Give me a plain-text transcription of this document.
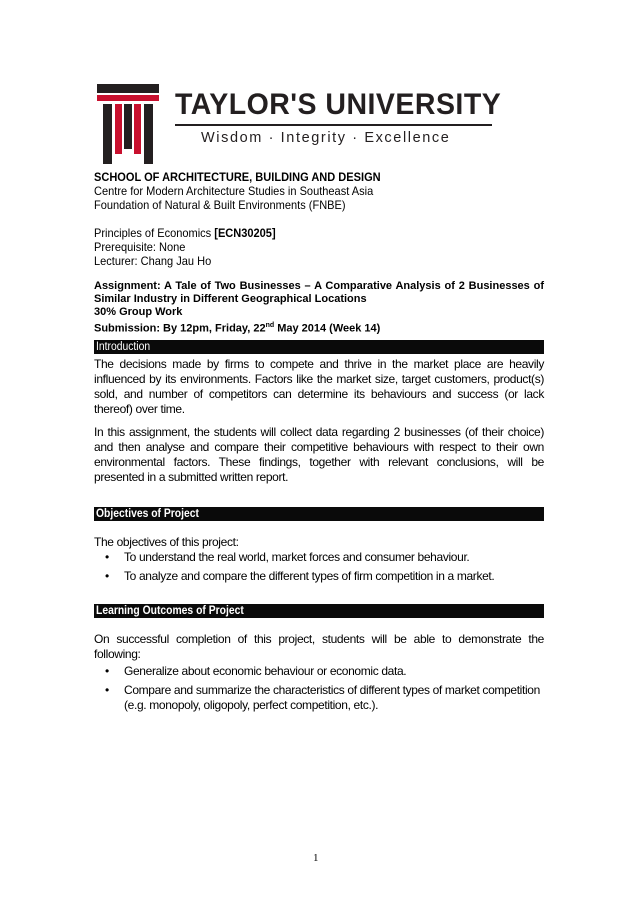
TAYLOR'S UNIVERSITY
Wisdom · Integrity · Excellence
SCHOOL OF ARCHITECTURE, BUILDING AND DESIGN
Centre for Modern Architecture Studies in Southeast Asia
Foundation of Natural & Built Environments (FNBE)
Principles of Economics [ECN30205]
Prerequisite: None
Lecturer: Chang Jau Ho
Assignment: A Tale of Two Businesses – A Comparative Analysis of 2 Businesses of Similar Industry in Different Geographical Locations
30% Group Work
Submission: By 12pm, Friday, 22nd May 2014 (Week 14)
Introduction
The decisions made by firms to compete and thrive in the market place are heavily influenced by its environments. Factors like the market size, target customers, product(s) sold, and number of competitors can determine its behaviours and success (or lack thereof) over time.
In this assignment, the students will collect data regarding 2 businesses (of their choice) and then analyse and compare their competitive behaviours with respect to their own environmental factors. These findings, together with relevant conclusions, will be presented in a submitted written report.
Objectives of Project
The objectives of this project:
• To understand the real world, market forces and consumer behaviour.
• To analyze and compare the different types of firm competition in a market.
Learning Outcomes of Project
On successful completion of this project, students will be able to demonstrate the following:
• Generalize about economic behaviour or economic data.
• Compare and summarize the characteristics of different types of market competition (e.g. monopoly, oligopoly, perfect competition, etc.).
1
